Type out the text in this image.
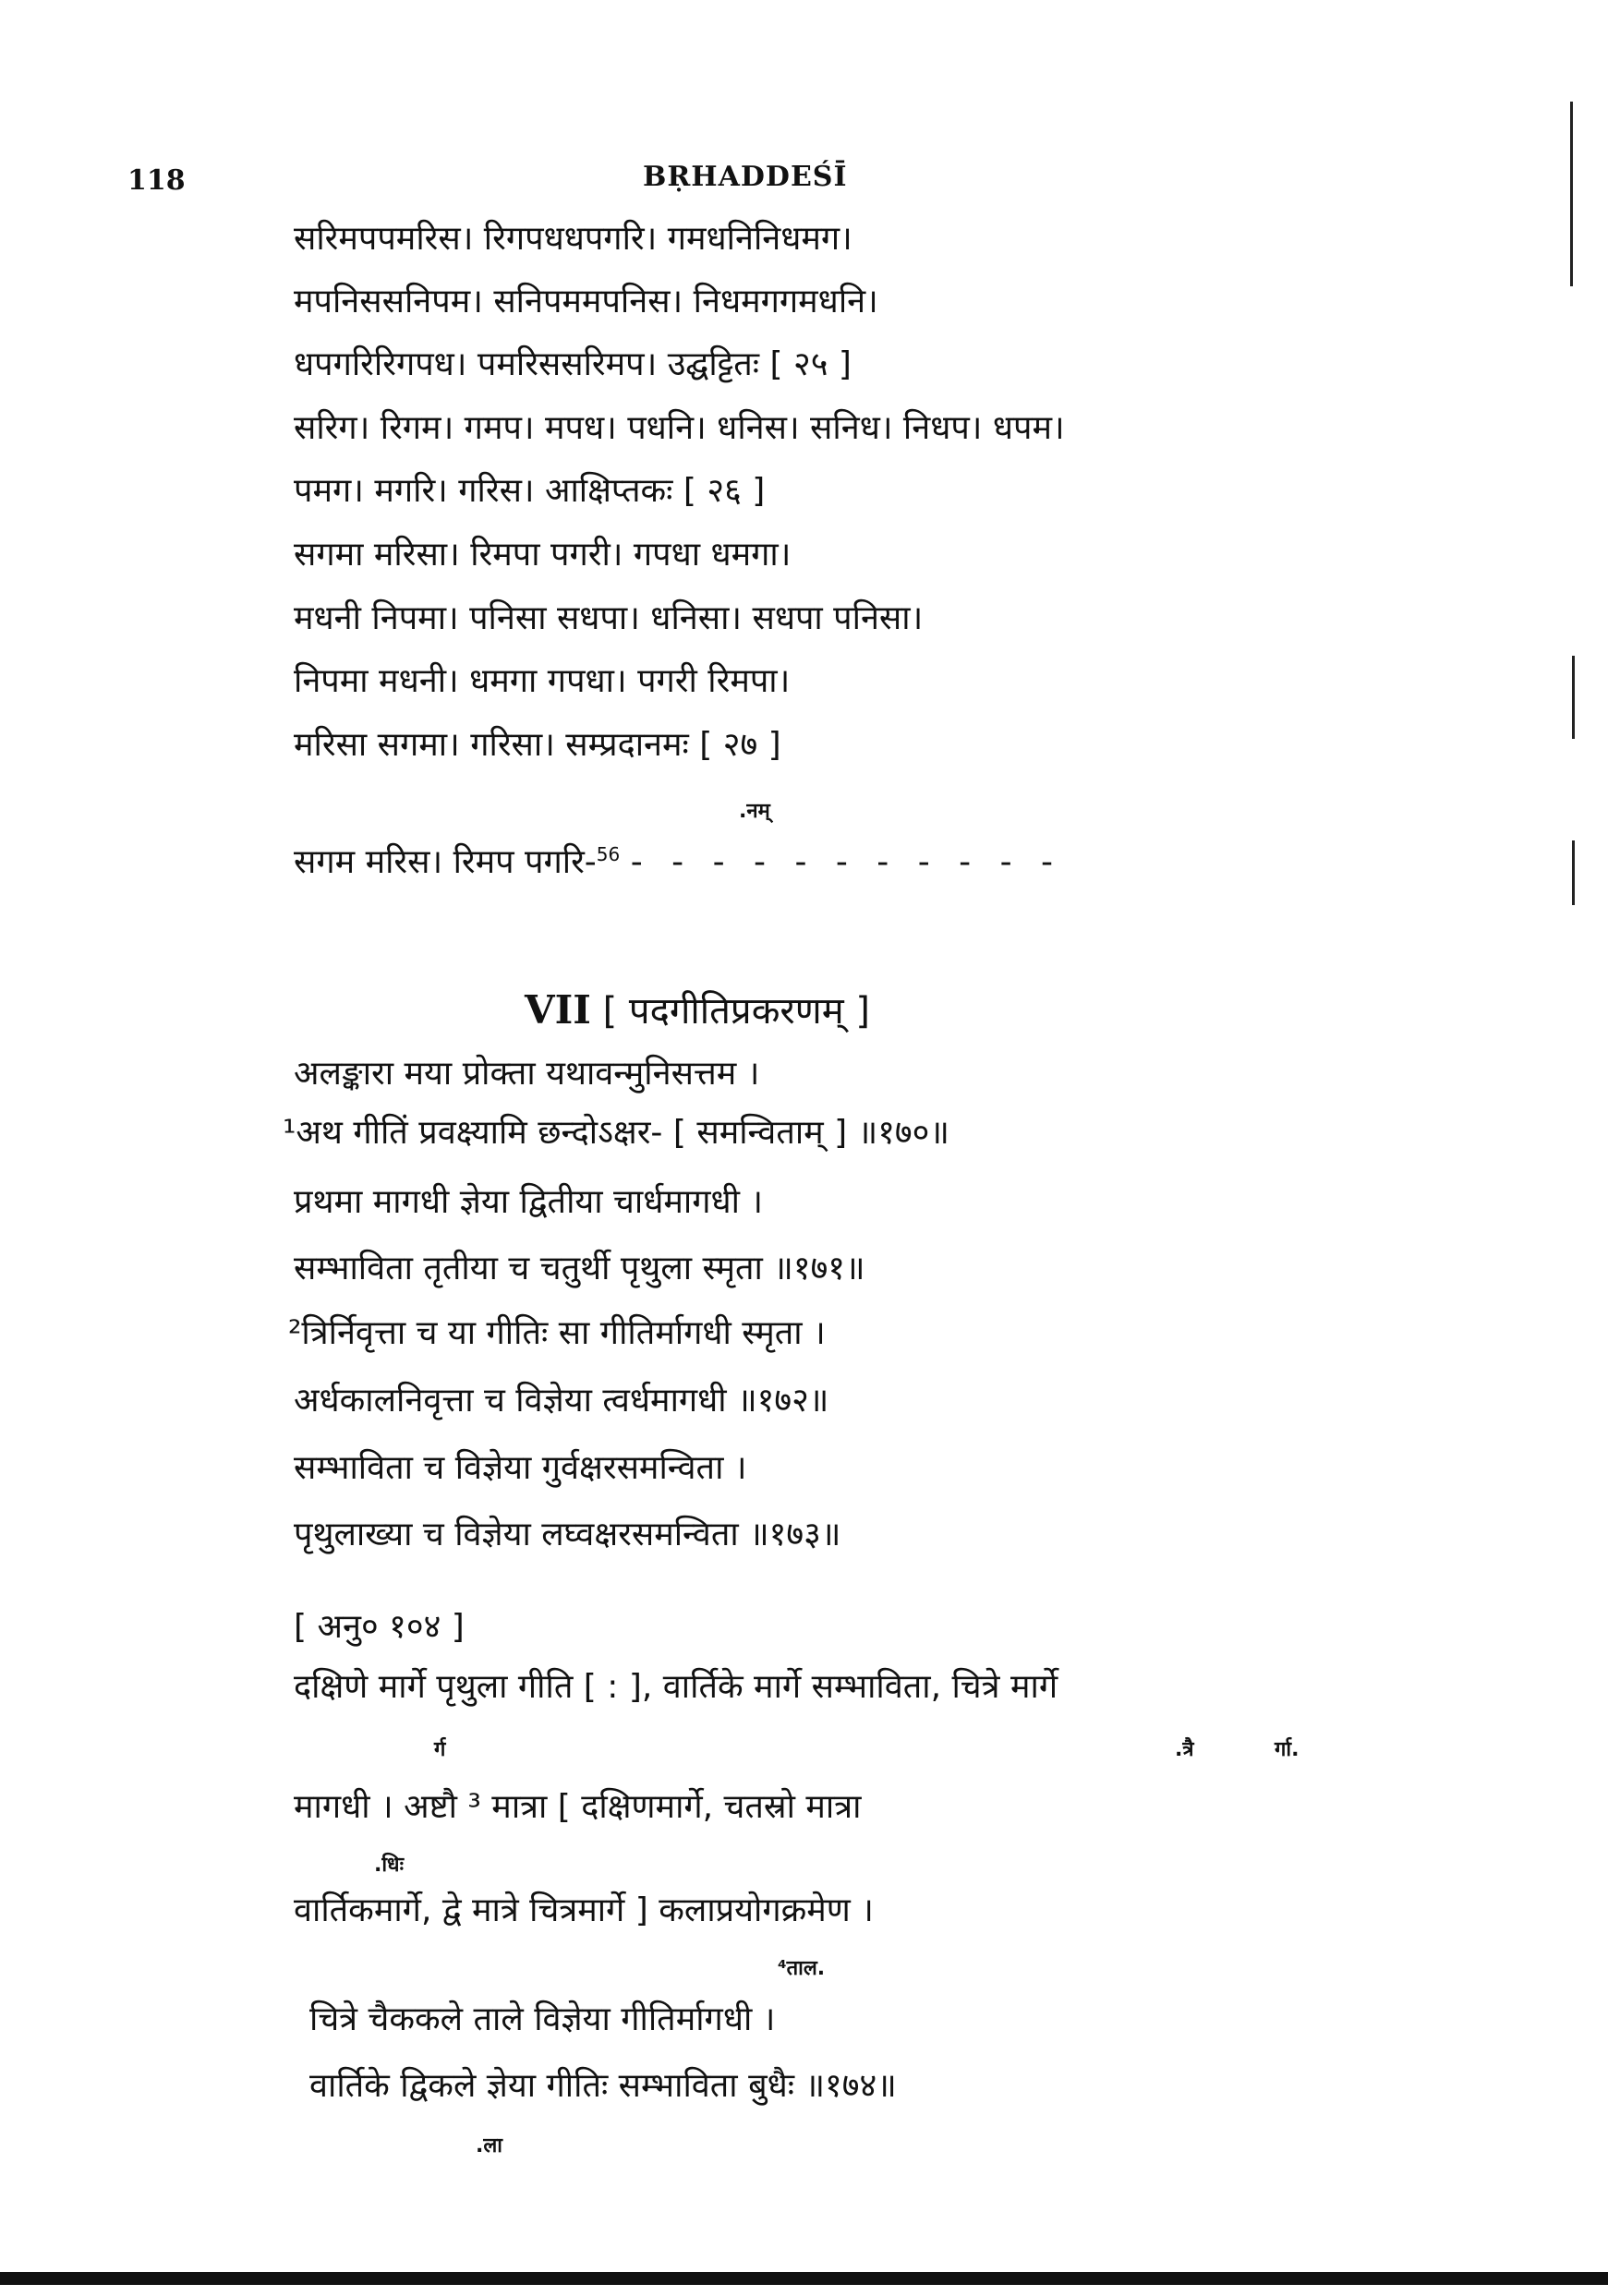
118	BṚHADDEŚĪ
सरिमपपमरिस। रिगपधधपगरि। गमधनिनिधमग।
मपनिससनिपम। सनिपममपनिस। निधमगगमधनि।
धपगरिरिगपध। पमरिससरिमप। उद्घट्टितः [ २५ ]
सरिग। रिगम। गमप। मपध। पधनि। धनिस। सनिध। निधप। धपम।
पमग। मगरि। गरिस। आक्षिप्तकः [ २६ ]
सगमा मरिसा। रिमपा पगरी। गपधा धमगा।
मधनी निपमा। पनिसा सधपा। धनिसा। सधपा पनिसा।
निपमा मधनी। धमगा गपधा। पगरी रिमपा।
मरिसा सगमा। गरिसा। सम्प्रदानमः [ २७ ]
.नम्
सगम मरिस। रिमप पगरि-$^{56}$ - - - - - - - - - - -
VII [ पदगीतिप्रकरणम् ]
अलङ्कारा मया प्रोक्ता यथावन्मुनिसत्तम ।
¹अथ गीतिं प्रवक्ष्यामि छन्दोऽक्षर- [ समन्विताम् ] ॥१७०॥
प्रथमा मागधी ज्ञेया द्वितीया चार्धमागधी ।
सम्भाविता तृतीया च चतुर्थी पृथुला स्मृता ॥१७१॥
²त्रिर्निवृत्ता च या गीतिः सा गीतिर्मागधी स्मृता ।
अर्धकालनिवृत्ता च विज्ञेया त्वर्धमागधी ॥१७२॥
सम्भाविता च विज्ञेया गुर्वक्षरसमन्विता ।
पृथुलाख्या च विज्ञेया लघ्वक्षरसमन्विता ॥१७३॥
[ अनु० १०४ ]
दक्षिणे मार्गे पृथुला गीति [ : ], वार्तिके मार्गे सम्भाविता, चित्रे मार्गे
र्ग	.त्रै	र्गा.
मागधी । अष्टौ ³ मात्रा [ दक्षिणमार्गे, चतस्रो मात्रा
.धिः
वार्तिकमार्गे, द्वे मात्रे चित्रमार्गे ] कलाप्रयोगक्रमेण ।
⁴ताल.
चित्रे चैककले ताले विज्ञेया गीतिर्मागधी ।
वार्तिके द्विकले ज्ञेया गीतिः सम्भाविता बुधैः ॥१७४॥
.ला
